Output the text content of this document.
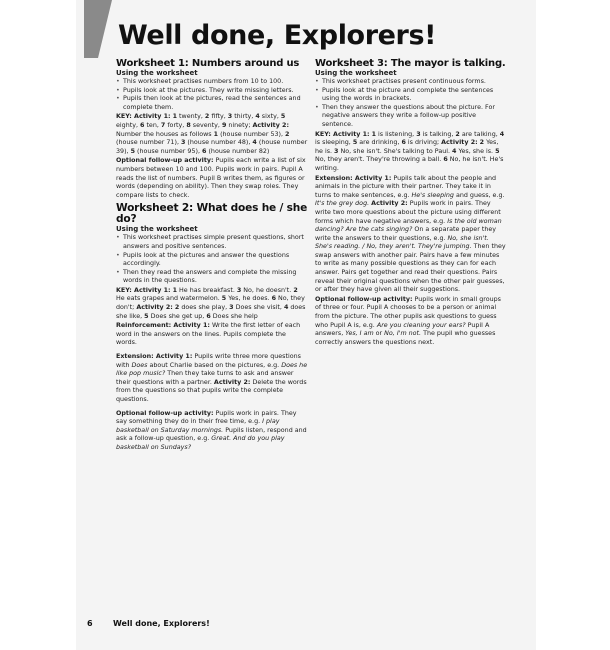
Well done, Explorers!
Worksheet 1: Numbers around us
Using the worksheet
• This worksheet practises numbers from 10 to 100.
• Pupils look at the pictures. They write missing letters.
• Pupils then look at the pictures, read the sentences and complete them.

KEY: Activity 1: 1 twenty, 2 fifty, 3 thirty, 4 sixty, 5 eighty, 6 ten, 7 forty, 8 seventy, 9 ninety; Activity 2: Number the houses as follows 1 (house number 53), 2 (house number 71), 3 (house number 48), 4 (house number 39), 5 (house number 95), 6 (house number 82)

Optional follow-up activity: Pupils each write a list of six numbers between 10 and 100. Pupils work in pairs. Pupil A reads the list of numbers. Pupil B writes them, as figures or words (depending on ability). Then they swap roles. They compare lists to check.

Worksheet 2: What does he / she do?
Using the worksheet
• This worksheet practises simple present questions, short answers and positive sentences.
• Pupils look at the pictures and answer the questions accordingly.
• Then they read the answers and complete the missing words in the questions.

KEY: Activity 1: 1 He has breakfast. 3 No, he doesn't. 2 He eats grapes and watermelon. 5 Yes, he does. 6 No, they don't; Activity 2: 2 does she play, 3 Does she visit, 4 does she like, 5 Does she get up, 6 Does she help

Reinforcement: Activity 1: Write the first letter of each word in the answers on the lines. Pupils complete the words.

Extension: Activity 1: Pupils write three more questions with Does about Charlie based on the pictures, e.g. Does he like pop music? Then they take turns to ask and answer their questions with a partner. Activity 2: Delete the words from the questions so that pupils write the complete questions.

Optional follow-up activity: Pupils work in pairs. They say something they do in their free time, e.g. I play basketball on Saturday mornings. Pupils listen, respond and ask a follow-up question, e.g. Great. And do you play basketball on Sundays?

Worksheet 3: The mayor is talking.
Using the worksheet
• This worksheet practises present continuous forms.
• Pupils look at the picture and complete the sentences using the words in brackets.
• Then they answer the questions about the picture. For negative answers they write a follow-up positive sentence.

KEY: Activity 1: 1 is listening, 3 is talking, 2 are talking, 4 is sleeping, 5 are drinking, 6 is driving; Activity 2: 2 Yes, he is. 3 No, she isn't. She's talking to Paul. 4 Yes, she is. 5 No, they aren't. They're throwing a ball. 6 No, he isn't. He's writing.

Extension: Activity 1: Pupils talk about the people and animals in the picture with their partner. They take it in turns to make sentences, e.g. He's sleeping and guess, e.g. It's the grey dog. Activity 2: Pupils work in pairs. They write two more questions about the picture using different forms which have negative answers, e.g. Is the old woman dancing? Are the cats singing? On a separate paper they write the answers to their questions, e.g. No, she isn't. She's reading. / No, they aren't. They're jumping. Then they swap answers with another pair. Pairs have a few minutes to write as many possible questions as they can for each answer. Pairs get together and read their questions. Pairs reveal their original questions when the other pair guesses, or after they have given all their suggestions.

Optional follow-up activity: Pupils work in small groups of three or four. Pupil A chooses to be a person or animal from the picture. The other pupils ask questions to guess who Pupil A is, e.g. Are you cleaning your ears? Pupil A answers, Yes, I am or No, I'm not. The pupil who guesses correctly answers the questions next.

6	Well done, Explorers!
